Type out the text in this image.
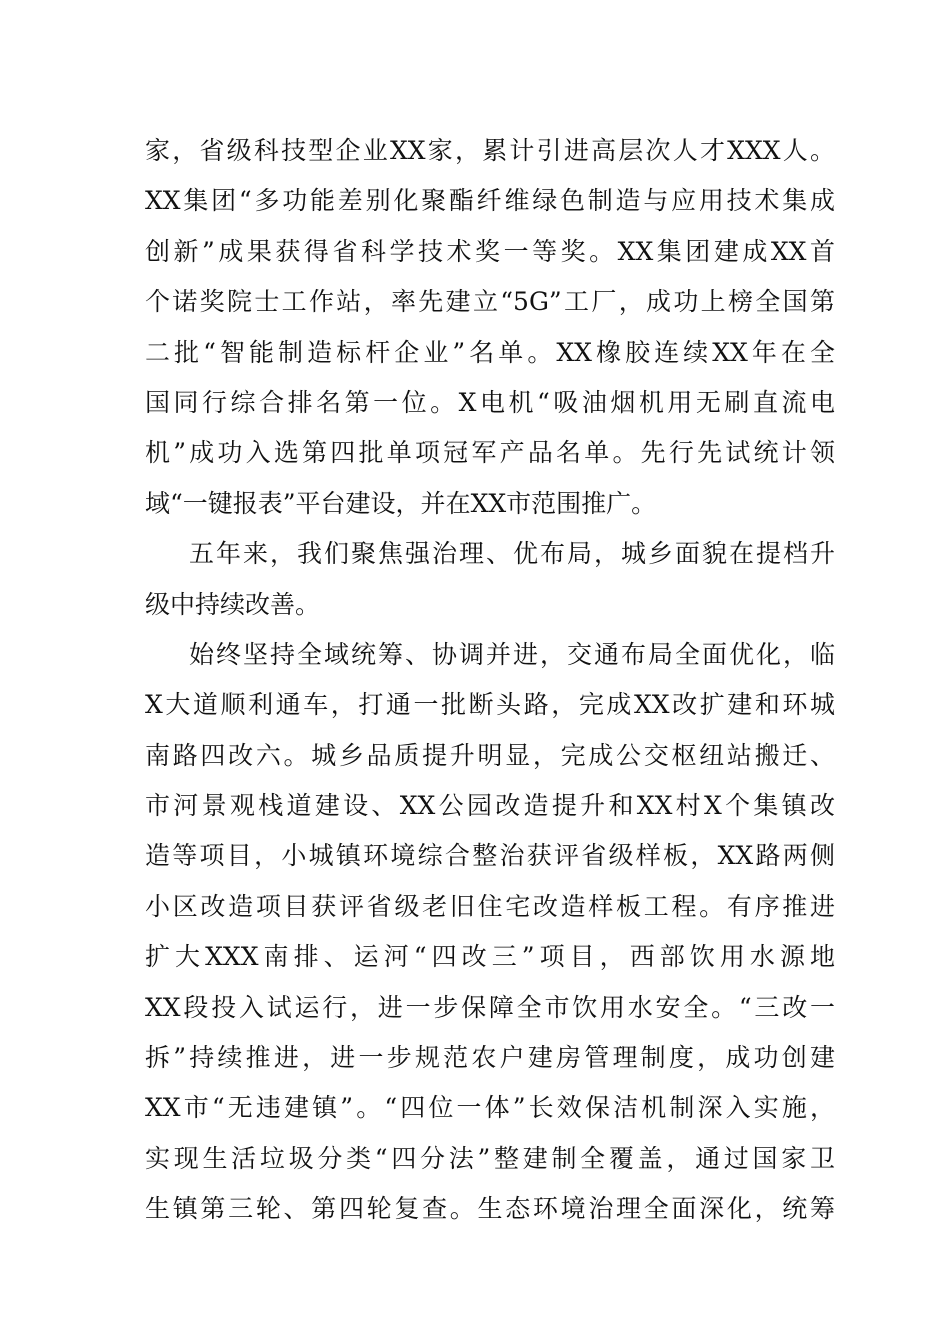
家，省级科技型企业XX家，累计引进高层次人才XXX人。
XX集团“多功能差别化聚酯纤维绿色制造与应用技术集成
创新”成果获得省科学技术奖一等奖。XX集团建成XX首
个诺奖院士工作站，率先建立“5G”工厂，成功上榜全国第
二批“智能制造标杆企业”名单。XX橡胶连续XX年在全
国同行综合排名第一位。X电机“吸油烟机用无刷直流电
机”成功入选第四批单项冠军产品名单。先行先试统计领
域“一键报表”平台建设，并在XX市范围推广。
五年来，我们聚焦强治理、优布局，城乡面貌在提档升
级中持续改善。
始终坚持全域统筹、协调并进，交通布局全面优化，临
X大道顺利通车，打通一批断头路，完成XX改扩建和环城
南路四改六。城乡品质提升明显，完成公交枢纽站搬迁、
市河景观栈道建设、XX公园改造提升和XX村X个集镇改
造等项目，小城镇环境综合整治获评省级样板，XX路两侧
小区改造项目获评省级老旧住宅改造样板工程。有序推进
扩大XXX南排、运河“四改三”项目，西部饮用水源地
XX段投入试运行，进一步保障全市饮用水安全。“三改一
拆”持续推进，进一步规范农户建房管理制度，成功创建
XX市“无违建镇”。“四位一体”长效保洁机制深入实施，
实现生活垃圾分类“四分法”整建制全覆盖，通过国家卫
生镇第三轮、第四轮复查。生态环境治理全面深化，统筹
